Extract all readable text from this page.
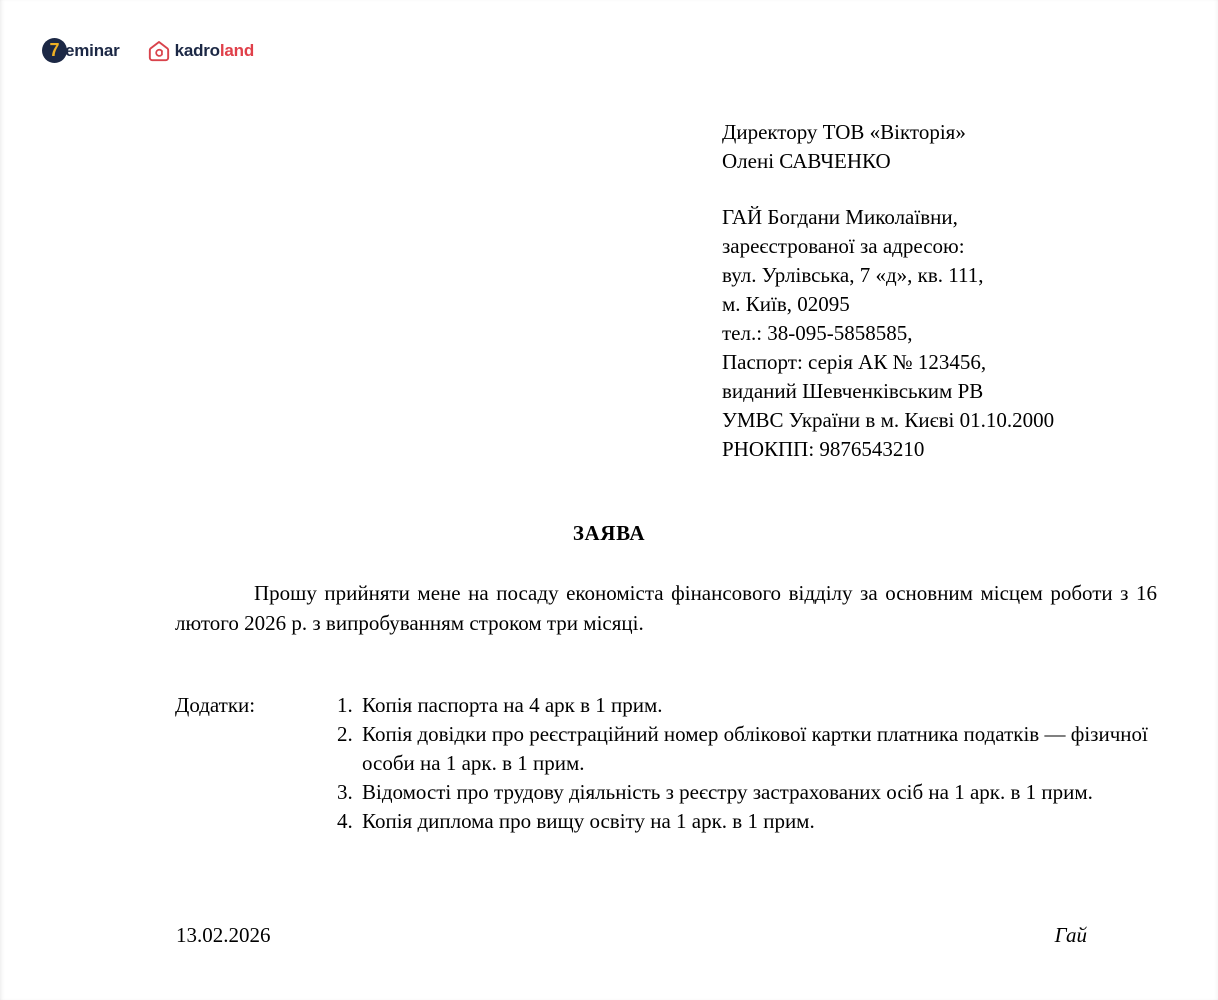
7 eminar	kadroland
Директору ТОВ «Вікторія»
Олені САВЧЕНКО
ГАЙ Богдани Миколаївни,
зареєстрованої за адресою:
вул. Урлівська, 7 «д», кв. 111,
м. Київ, 02095
тел.: 38-095-5858585,
Паспорт: серія АК № 123456,
виданий Шевченківським РВ
УМВС України в м. Києві 01.10.2000
РНОКПП: 9876543210
ЗАЯВА
Прошу прийняти мене на посаду економіста фінансового відділу за основним місцем роботи з 16 лютого 2026 р. з випробуванням строком три місяці.
Додатки:	1. Копія паспорта на 4 арк в 1 прим.
2. Копія довідки про реєстраційний номер облікової картки платника податків — фізичної особи на 1 арк. в 1 прим.
3. Відомості про трудову діяльність з реєстру застрахованих осіб на 1 арк. в 1 прим.
4. Копія диплома про вищу освіту на 1 арк. в 1 прим.
13.02.2026	Гай
